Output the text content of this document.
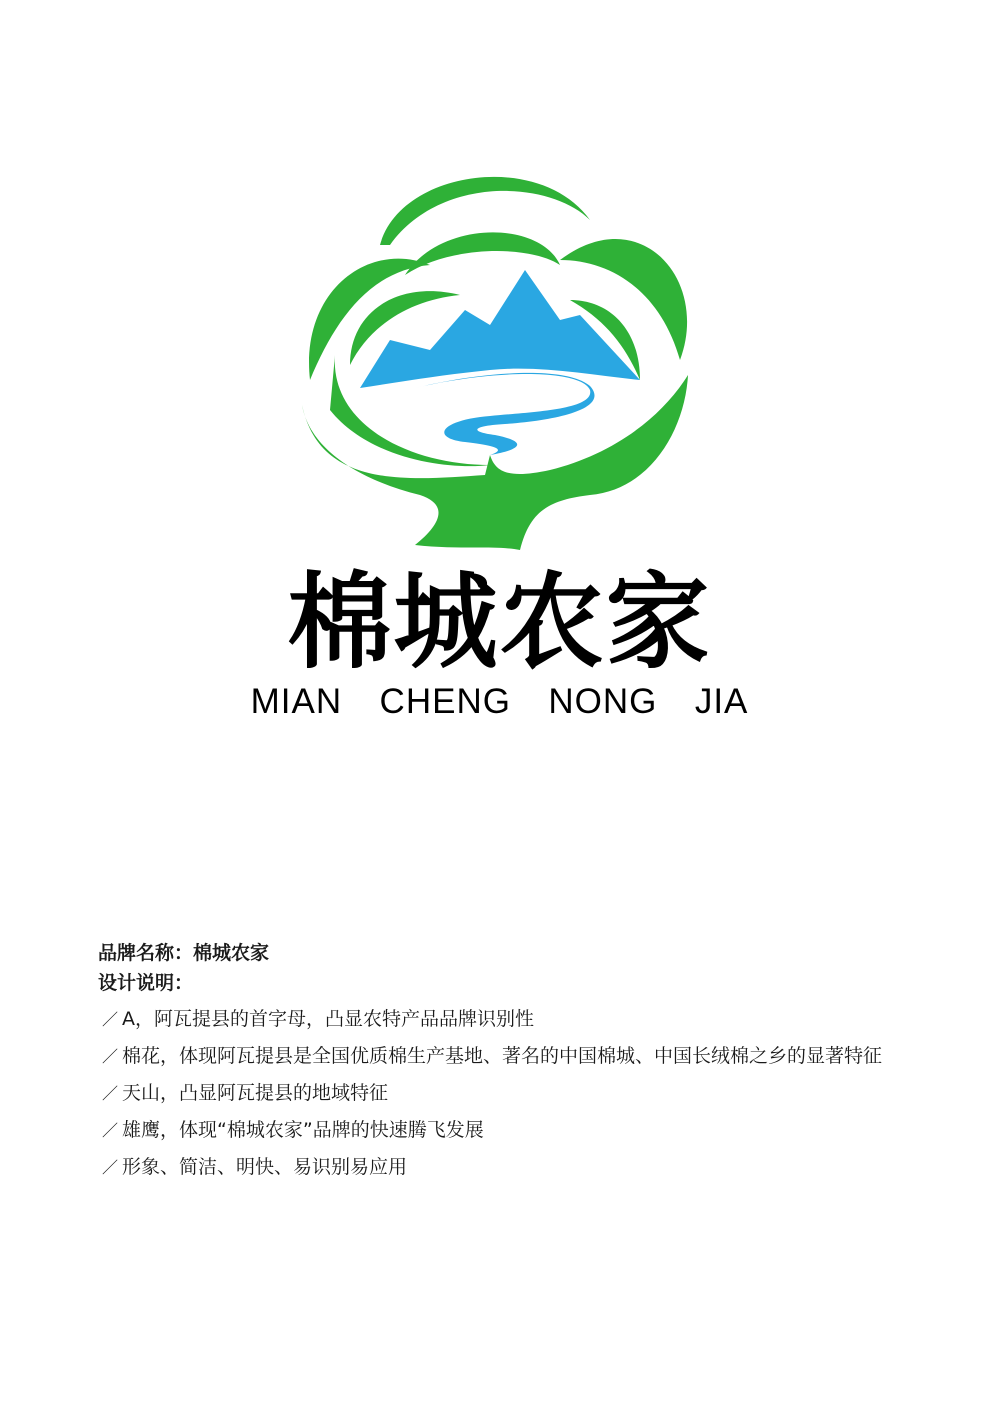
棉城农家
MIAN  CHENG  NONG  JIA
品牌名称：棉城农家
设计说明：
／ A，阿瓦提县的首字母，凸显农特产品品牌识别性
／ 棉花，体现阿瓦提县是全国优质棉生产基地、著名的中国棉城、中国长绒棉之乡的显著特征
／ 天山，凸显阿瓦提县的地域特征
／ 雄鹰，体现“棉城农家”品牌的快速腾飞发展
／ 形象、简洁、明快、易识别易应用
